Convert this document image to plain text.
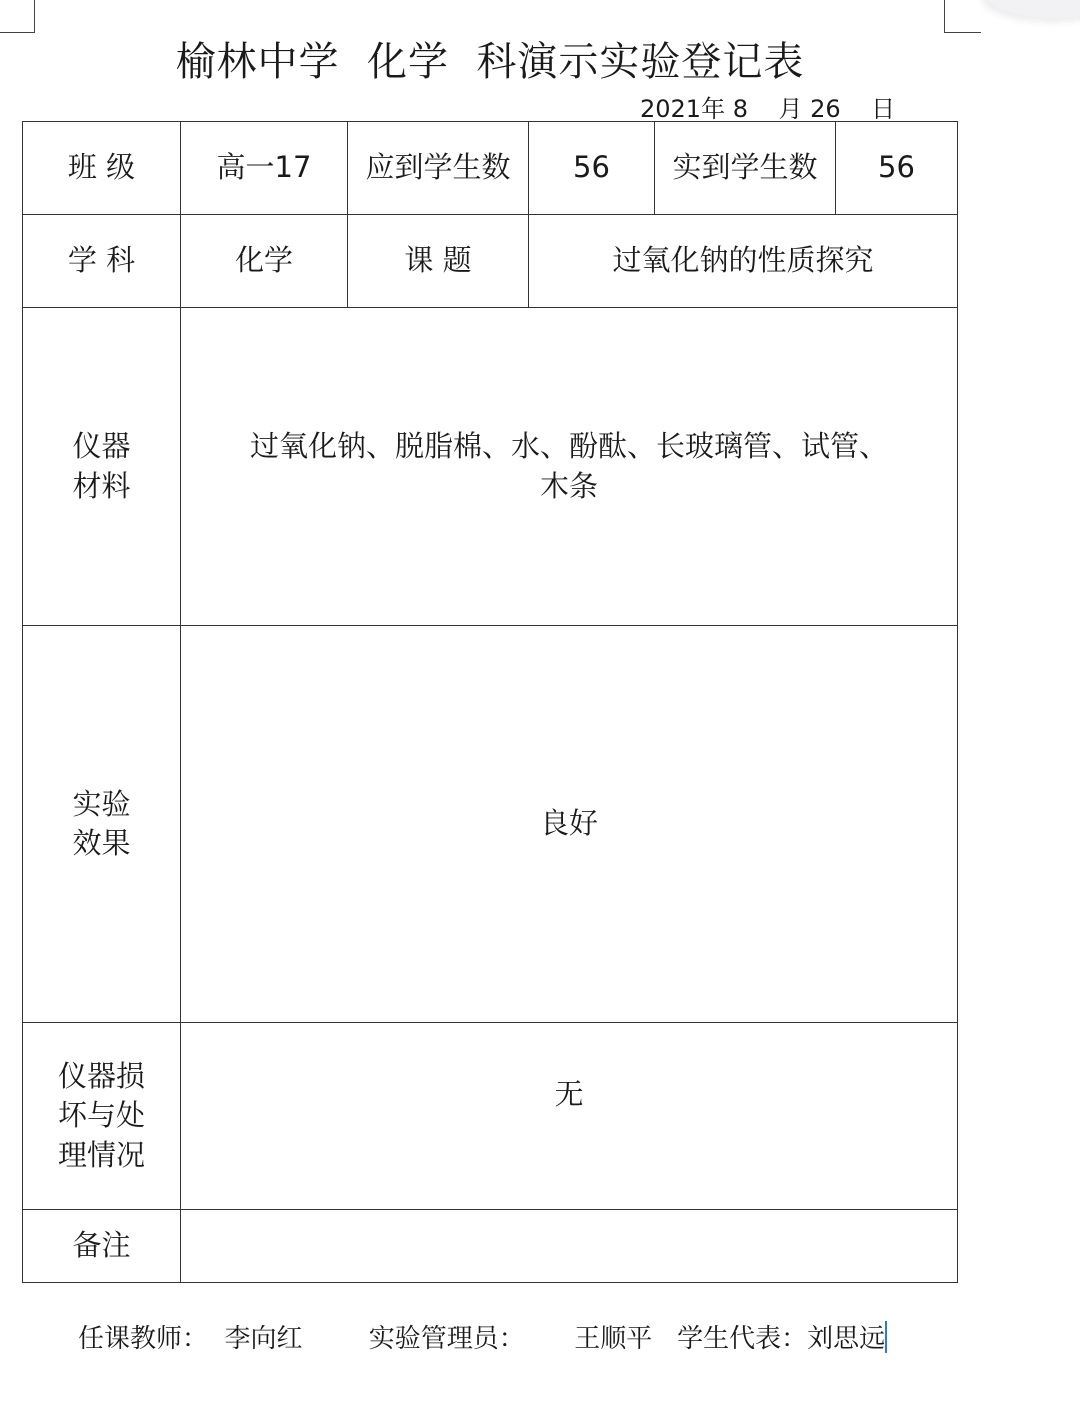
榆林中学  化学  科演示实验登记表
2021年 8    月 26    日
班 级	高一17	应到学生数	56	实到学生数	56
学 科	化学	课 题	过氧化钠的性质探究		

仪器
材料	过氧化钠、脱脂棉、水、酚酞、长玻璃管、试管、
木条				

实验
效果	良好				

仪器损
坏与处
理情况	无				

备注					
任课教师： 李向红	实验管理员： 王顺平 学生代表：刘思远
